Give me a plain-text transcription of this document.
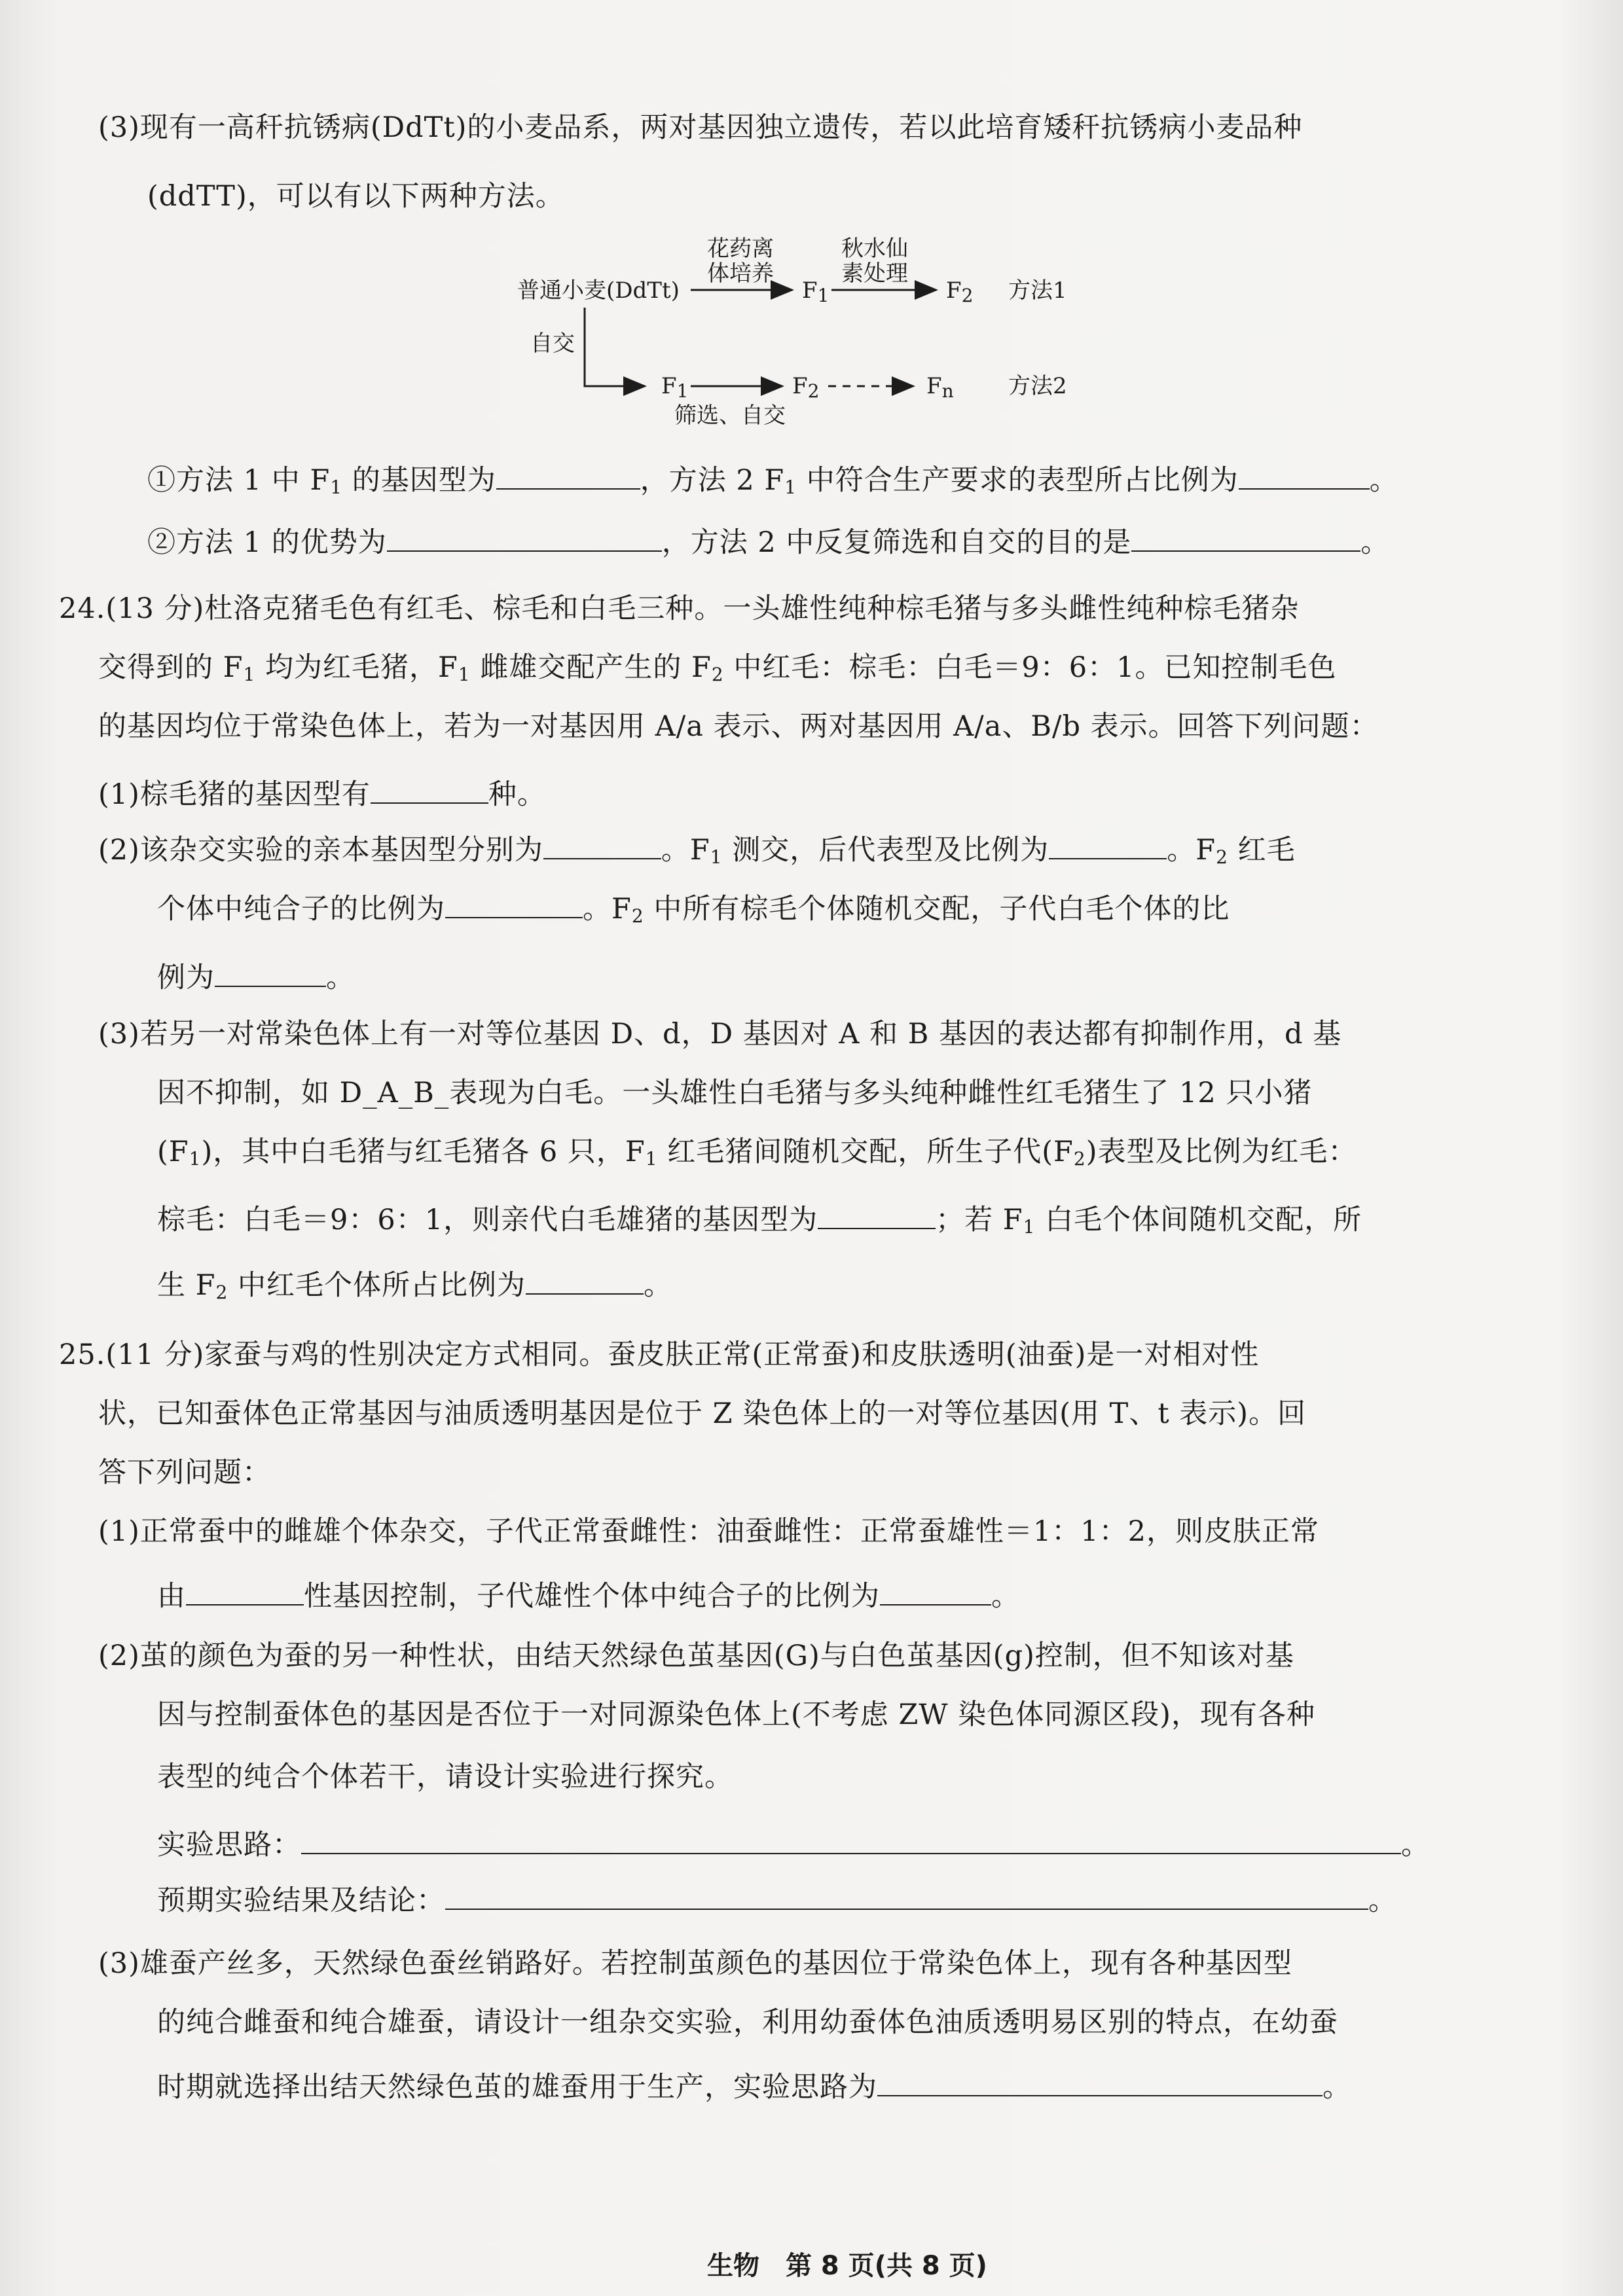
(3)现有一高秆抗锈病(DdTt)的小麦品系，两对基因独立遗传，若以此培育矮秆抗锈病小麦品种
(ddTT)，可以有以下两种方法。
普通小麦(DdTt)
花药离
体培养
$F_1$
秋水仙
素处理
$F_2$ 方法1
自交
$F_1$	$F_2$	$F_n$
筛选、自交
方法2
①方法 1 中 $F_1$ 的基因型为	，方法 2 $F_1$ 中符合生产要求的表型所占比例为	。
②方法 1 的优势为	，方法 2 中反复筛选和自交的目的是	。
24.(13 分)杜洛克猪毛色有红毛、棕毛和白毛三种。一头雄性纯种棕毛猪与多头雌性纯种棕毛猪杂
交得到的 $F_1$ 均为红毛猪，$F_1$ 雌雄交配产生的 $F_2$ 中红毛：棕毛：白毛＝9：6：1。已知控制毛色
的基因均位于常染色体上，若为一对基因用 A/a 表示、两对基因用 A/a、B/b 表示。回答下列问题：
(1)棕毛猪的基因型有	种。
(2)该杂交实验的亲本基因型分别为	。$F_1$ 测交，后代表型及比例为	。$F_2$ 红毛
个体中纯合子的比例为	。$F_2$ 中所有棕毛个体随机交配，子代白毛个体的比
例为	。
(3)若另一对常染色体上有一对等位基因 D、d，D 基因对 A 和 B 基因的表达都有抑制作用，d 基
因不抑制，如 D_A_B_表现为白毛。一头雄性白毛猪与多头纯种雌性红毛猪生了 12 只小猪
$(F_1)$，其中白毛猪与红毛猪各 6 只，$F_1$ 红毛猪间随机交配，所生子代$(F_2)$表型及比例为红毛：
棕毛：白毛＝9：6：1，则亲代白毛雄猪的基因型为	；若 $F_1$ 白毛个体间随机交配，所
生 $F_2$ 中红毛个体所占比例为	。
25.(11 分)家蚕与鸡的性别决定方式相同。蚕皮肤正常(正常蚕)和皮肤透明(油蚕)是一对相对性
状，已知蚕体色正常基因与油质透明基因是位于 Z 染色体上的一对等位基因(用 T、t 表示)。回
答下列问题：
(1)正常蚕中的雌雄个体杂交，子代正常蚕雌性：油蚕雌性：正常蚕雄性＝1：1：2，则皮肤正常
由	性基因控制，子代雄性个体中纯合子的比例为	。
(2)茧的颜色为蚕的另一种性状，由结天然绿色茧基因(G)与白色茧基因(g)控制，但不知该对基
因与控制蚕体色的基因是否位于一对同源染色体上(不考虑 ZW 染色体同源区段)，现有各种
表型的纯合个体若干，请设计实验进行探究。
实验思路：	。
预期实验结果及结论：	。
(3)雄蚕产丝多，天然绿色蚕丝销路好。若控制茧颜色的基因位于常染色体上，现有各种基因型
的纯合雌蚕和纯合雄蚕，请设计一组杂交实验，利用幼蚕体色油质透明易区别的特点，在幼蚕
时期就选择出结天然绿色茧的雄蚕用于生产，实验思路为	。
生物　第 8 页(共 8 页)
